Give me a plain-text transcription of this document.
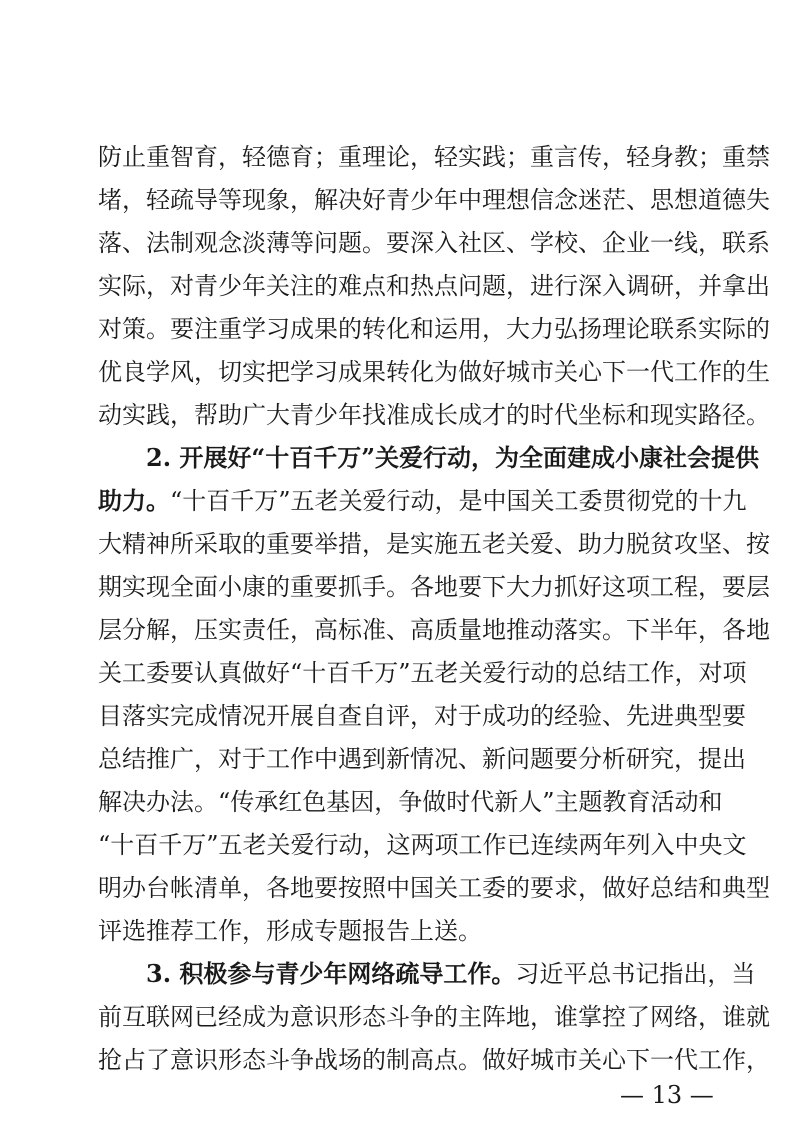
防止重智育，轻德育；重理论，轻实践；重言传，轻身教；重禁
堵，轻疏导等现象，解决好青少年中理想信念迷茫、思想道德失
落、法制观念淡薄等问题。要深入社区、学校、企业一线，联系
实际，对青少年关注的难点和热点问题，进行深入调研，并拿出
对策。要注重学习成果的转化和运用，大力弘扬理论联系实际的
优良学风，切实把学习成果转化为做好城市关心下一代工作的生
动实践，帮助广大青少年找准成长成才的时代坐标和现实路径。
2. 开展好“十百千万”关爱行动，为全面建成小康社会提供
助力。“十百千万”五老关爱行动，是中国关工委贯彻党的十九
大精神所采取的重要举措，是实施五老关爱、助力脱贫攻坚、按
期实现全面小康的重要抓手。各地要下大力抓好这项工程，要层
层分解，压实责任，高标准、高质量地推动落实。下半年，各地
关工委要认真做好“十百千万”五老关爱行动的总结工作，对项
目落实完成情况开展自查自评，对于成功的经验、先进典型要
总结推广，对于工作中遇到新情况、新问题要分析研究，提出
解决办法。“传承红色基因，争做时代新人”主题教育活动和
“十百千万”五老关爱行动，这两项工作已连续两年列入中央文
明办台帐清单，各地要按照中国关工委的要求，做好总结和典型
评选推荐工作，形成专题报告上送。
3. 积极参与青少年网络疏导工作。习近平总书记指出，当
前互联网已经成为意识形态斗争的主阵地，谁掌控了网络，谁就
抢占了意识形态斗争战场的制高点。做好城市关心下一代工作，
— 13 —
